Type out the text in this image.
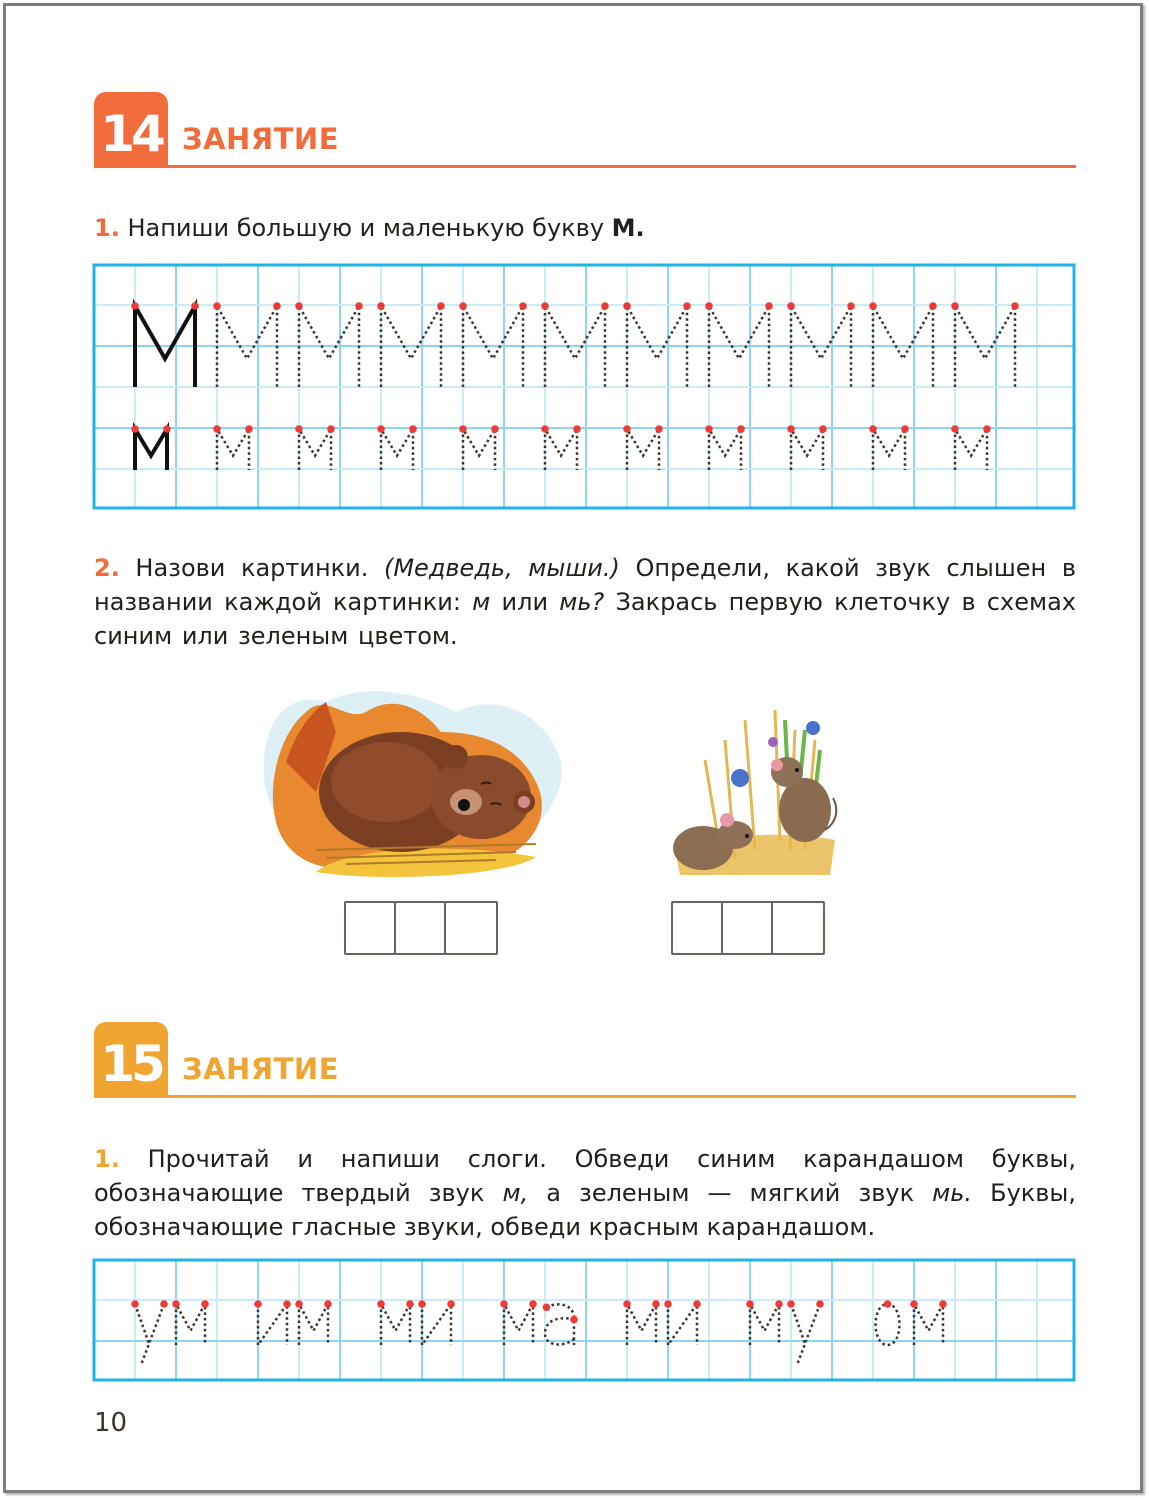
14 ЗАНЯТИЕ
1. Напиши большую и маленькую букву М.
2. Назови картинки. (Медведь, мыши.) Определи, какой звук слышен в названии каждой картинки: м или мь? Закрась первую клеточку в схемах синим или зеленым цветом.
15 ЗАНЯТИЕ
1. Прочитай и напиши слоги. Обведи синим карандашом буквы, обозначающие твердый звук м, а зеленым — мягкий звук мь. Буквы, обозначающие гласные звуки, обведи красным карандашом.
10
